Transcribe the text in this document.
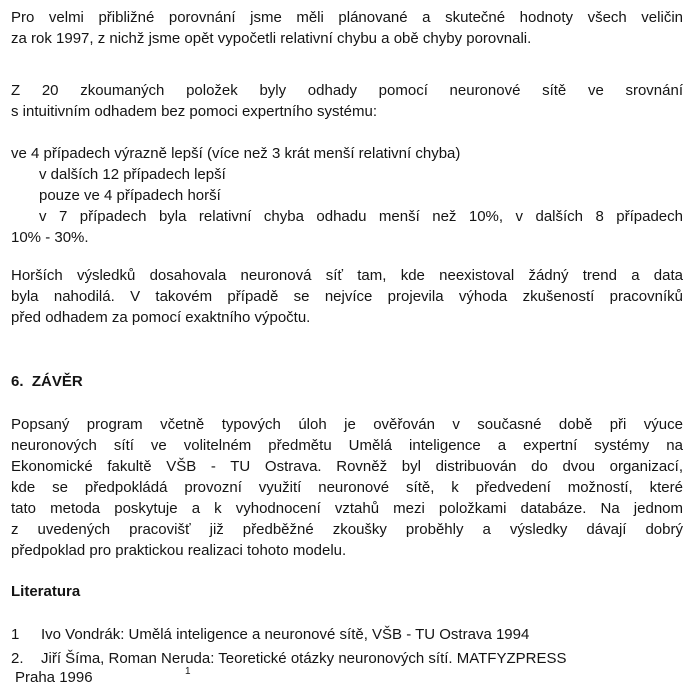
Pro velmi přibližné porovnání jsme měli plánované a skutečné hodnoty všech veličin
za rok 1997, z nichž jsme opět vypočetli relativní chybu a obě chyby porovnali.
Z 20 zkoumaných položek byly odhady pomocí neuronové sítě ve srovnání
s intuitivním odhadem bez pomoci expertního systému:
ve 4 případech výrazně lepší (více než 3 krát menší relativní chyba)
v dalších 12 případech lepší
pouze ve 4 případech horší
v 7 případech byla relativní chyba odhadu menší než 10%, v dalších 8 případech
10% - 30%.
Horších výsledků dosahovala neuronová síť tam, kde neexistoval žádný trend a data
byla nahodilá. V takovém případě se nejvíce projevila výhoda zkušeností pracovníků
před odhadem za pomocí exaktního výpočtu.
6. ZÁVĚR
Popsaný program včetně typových úloh je ověřován v současné době při výuce
neuronových sítí ve volitelném předmětu Umělá inteligence a expertní systémy na
Ekonomické fakultě VŠB - TU Ostrava. Rovněž byl distribuován do dvou organizací,
kde se předpokládá provozní využití neuronové sítě, k předvedení možností, které
tato metoda poskytuje a k vyhodnocení vztahů mezi položkami databáze. Na jednom
z uvedených pracovišť již předběžné zkoušky proběhly a výsledky dávají dobrý
předpoklad pro praktickou realizaci tohoto modelu.
Literatura
1 Ivo Vondrák: Umělá inteligence a neuronové sítě, VŠB - TU Ostrava 1994
2. Jiří Šíma, Roman Neruda: Teoretické otázky neuronových sítí. MATFYZPRESS
Praha 1996	1
